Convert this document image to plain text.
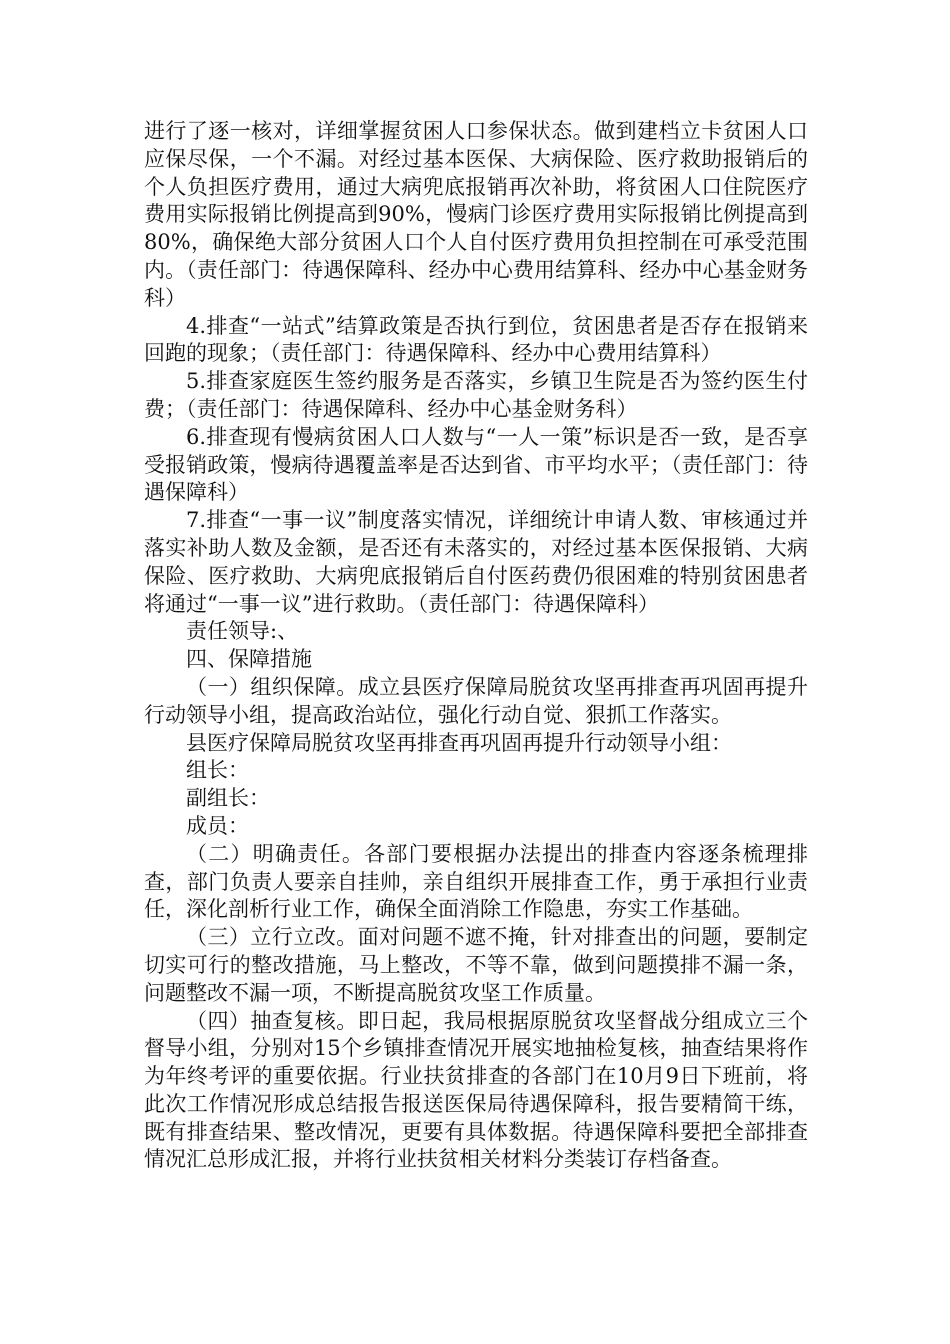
进行了逐一核对，详细掌握贫困人口参保状态。做到建档立卡贫困人口应保尽保，一个不漏。对经过基本医保、大病保险、医疗救助报销后的个人负担医疗费用，通过大病兜底报销再次补助，将贫困人口住院医疗费用实际报销比例提高到90%，慢病门诊医疗费用实际报销比例提高到80%，确保绝大部分贫困人口个人自付医疗费用负担控制在可承受范围内。（责任部门：待遇保障科、经办中心费用结算科、经办中心基金财务科）

4.排查“一站式”结算政策是否执行到位，贫困患者是否存在报销来回跑的现象；（责任部门：待遇保障科、经办中心费用结算科）

5.排查家庭医生签约服务是否落实，乡镇卫生院是否为签约医生付费；（责任部门：待遇保障科、经办中心基金财务科）

6.排查现有慢病贫困人口人数与“一人一策”标识是否一致，是否享受报销政策，慢病待遇覆盖率是否达到省、市平均水平；（责任部门：待遇保障科）

7.排查“一事一议”制度落实情况，详细统计申请人数、审核通过并落实补助人数及金额，是否还有未落实的，对经过基本医保报销、大病保险、医疗救助、大病兜底报销后自付医药费仍很困难的特别贫困患者将通过“一事一议”进行救助。（责任部门：待遇保障科）

责任领导:、

四、保障措施

（一）组织保障。成立县医疗保障局脱贫攻坚再排查再巩固再提升行动领导小组，提高政治站位，强化行动自觉、狠抓工作落实。

县医疗保障局脱贫攻坚再排查再巩固再提升行动领导小组：

组长：

副组长：

成员：

（二）明确责任。各部门要根据办法提出的排查内容逐条梳理排查，部门负责人要亲自挂帅，亲自组织开展排查工作，勇于承担行业责任，深化剖析行业工作，确保全面消除工作隐患，夯实工作基础。

（三）立行立改。面对问题不遮不掩，针对排查出的问题，要制定切实可行的整改措施，马上整改，不等不靠，做到问题摸排不漏一条，问题整改不漏一项，不断提高脱贫攻坚工作质量。

（四）抽查复核。即日起，我局根据原脱贫攻坚督战分组成立三个督导小组，分别对15个乡镇排查情况开展实地抽检复核，抽查结果将作为年终考评的重要依据。行业扶贫排查的各部门在10月9日下班前，将此次工作情况形成总结报告报送医保局待遇保障科，报告要精简干练，既有排查结果、整改情况，更要有具体数据。待遇保障科要把全部排查情况汇总形成汇报，并将行业扶贫相关材料分类装订存档备查。
